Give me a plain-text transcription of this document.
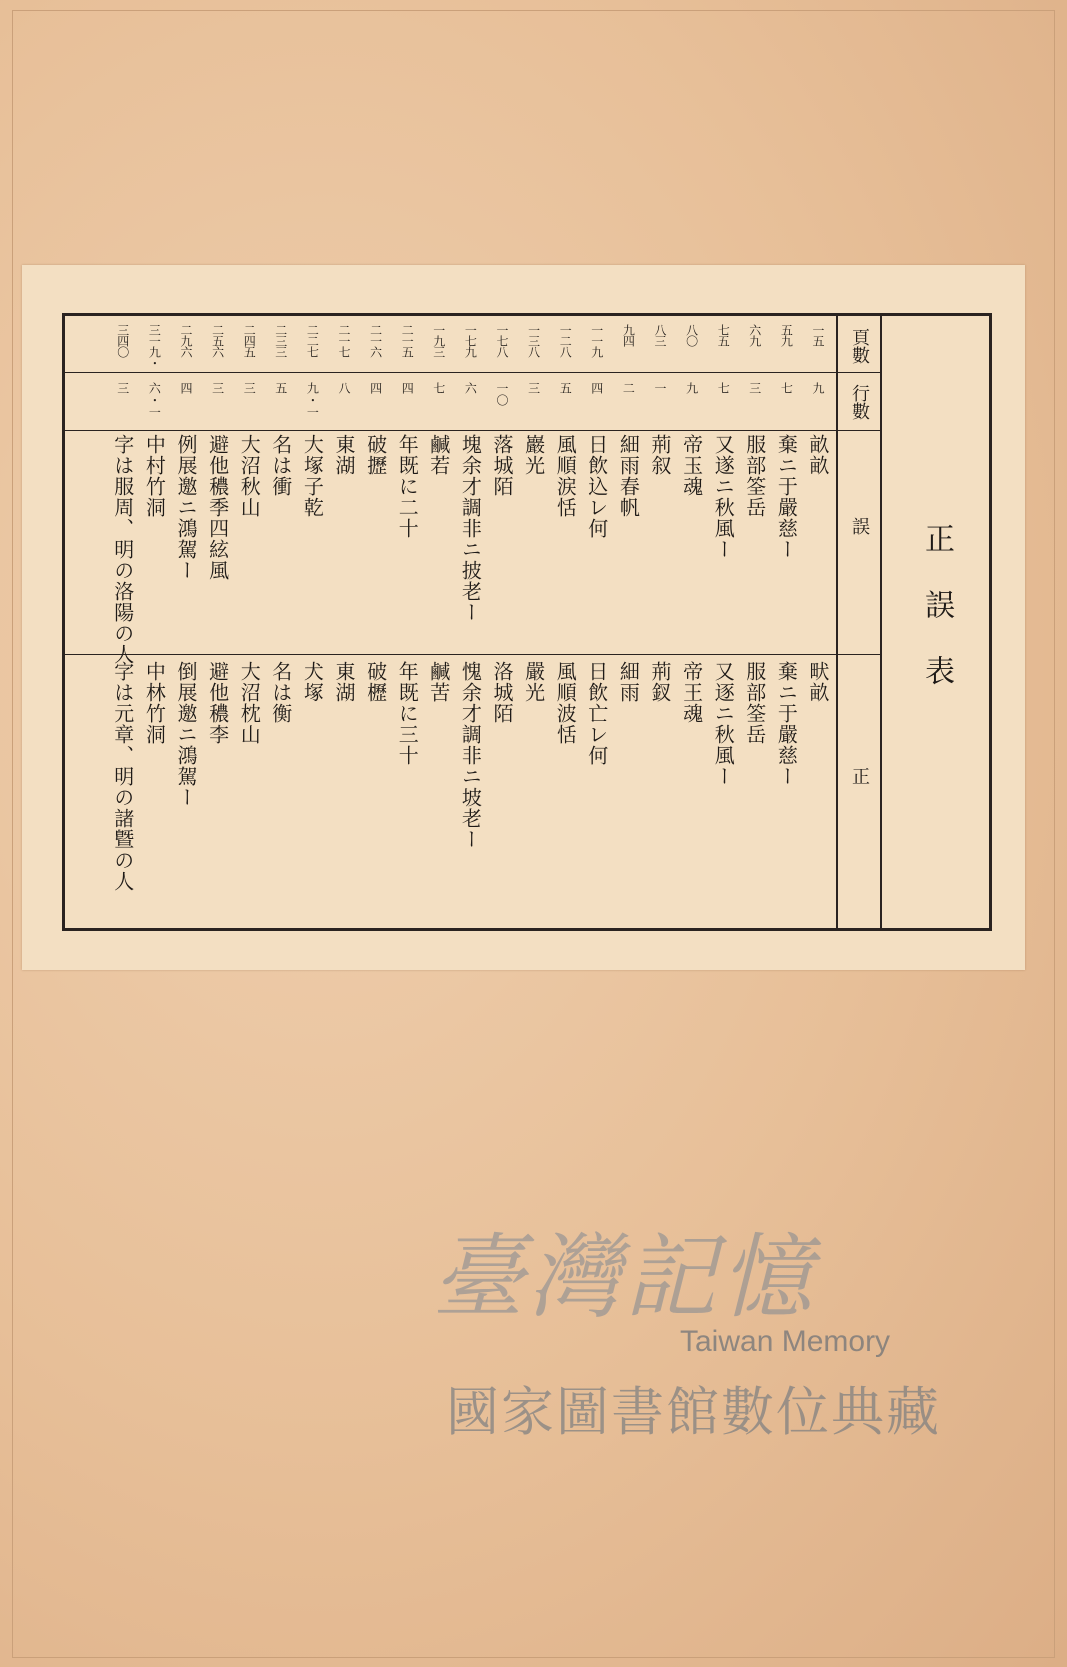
正誤表
頁數
行數
誤
正
一五
九
畝畝
畎畝
五九
七
棄ニ于嚴慈ー
棄ニ于嚴慈ー
六九
三
服部筌岳
服部筌岳
七五
七
又遂ニ秋風ー
又逐ニ秋風ー
八〇
九
帝玉魂
帝王魂
八三
一
荊叙
荊釵
九四
二
細雨春帆
細雨
一一九
四
日飲込レ何
日飲亡レ何
一二八
五
風順涙恬
風順波恬
一三八
三
巖光
嚴光
一七八
一〇
落城陌
洛城陌
一七九
六
塊余才調非ニ披老ー
愧余才調非ニ坡老ー
一九三
七
鹹若
鹹苦
二一五
四
年既に二十
年既に三十
二一六
四
破攊
破櫪
二一七
八
東湖
東湖
二二七
九・一
大塚子乾
犬塚
二三三
五
名は衝
名は衡
二四五
三
大沼秋山
大沼枕山
二五六
三
避他穠季四絃風
避他穠李
二九六
四
例展邀ニ鴻駕ー
倒展邀ニ鴻駕ー
三一九・
六・一
中村竹洞
中林竹洞
三四〇
三
字は服周、明の洛陽の人
字は元章、明の諸曁の人
臺灣記憶
Taiwan Memory
國家圖書館數位典藏
